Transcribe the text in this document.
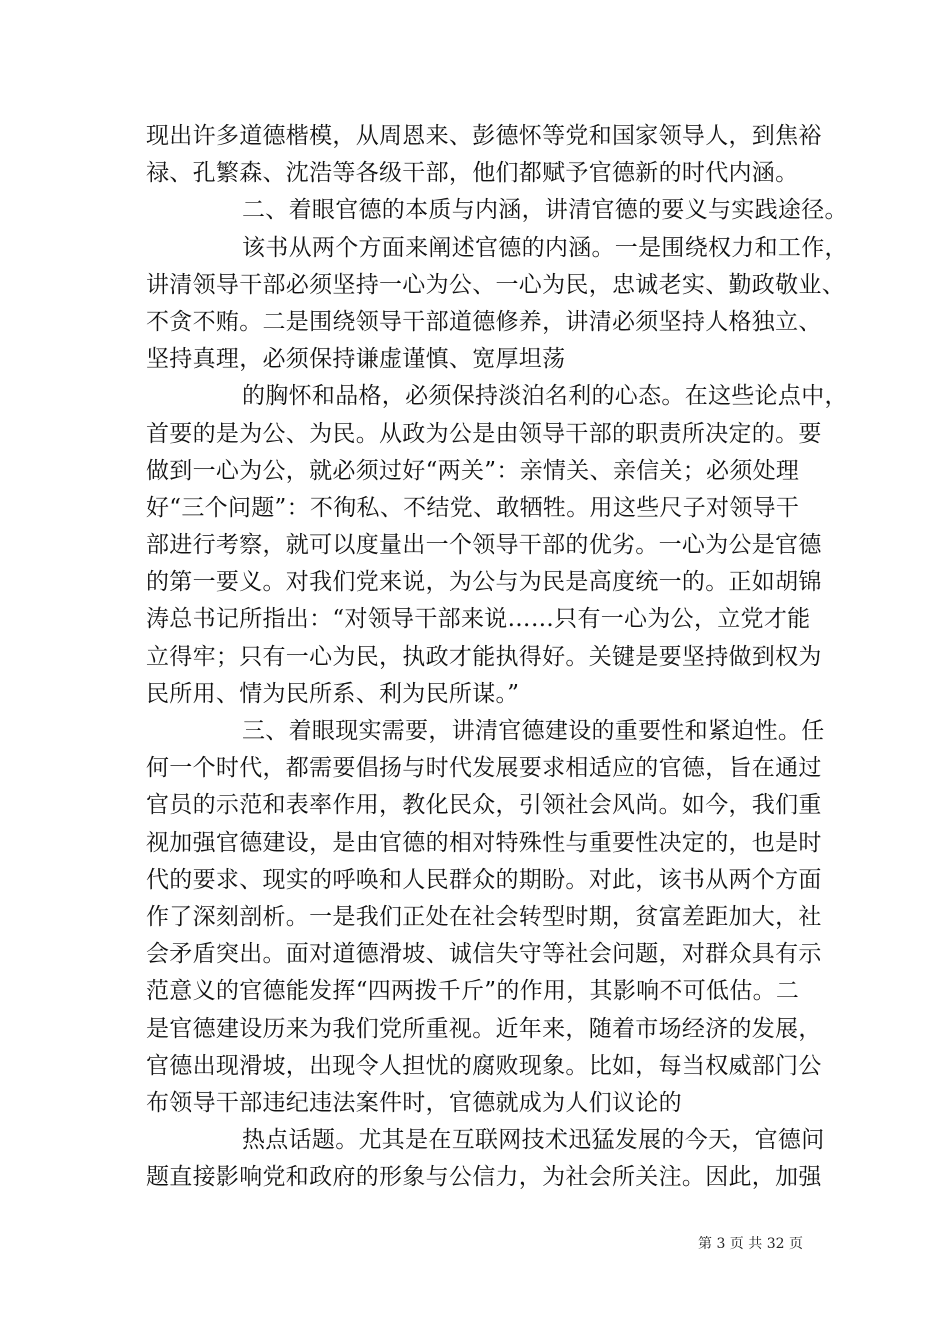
现出许多道德楷模，从周恩来、彭德怀等党和国家领导人，到焦裕
禄、孔繁森、沈浩等各级干部，他们都赋予官德新的时代内涵。
二、着眼官德的本质与内涵，讲清官德的要义与实践途径。
该书从两个方面来阐述官德的内涵。一是围绕权力和工作，
讲清领导干部必须坚持一心为公、一心为民，忠诚老实、勤政敬业、
不贪不贿。二是围绕领导干部道德修养，讲清必须坚持人格独立、
坚持真理，必须保持谦虚谨慎、宽厚坦荡
的胸怀和品格，必须保持淡泊名利的心态。在这些论点中，
首要的是为公、为民。从政为公是由领导干部的职责所决定的。要
做到一心为公，就必须过好“两关”：亲情关、亲信关；必须处理
好“三个问题”：不徇私、不结党、敢牺牲。用这些尺子对领导干
部进行考察，就可以度量出一个领导干部的优劣。一心为公是官德
的第一要义。对我们党来说，为公与为民是高度统一的。正如胡锦
涛总书记所指出：“对领导干部来说……只有一心为公，立党才能
立得牢；只有一心为民，执政才能执得好。关键是要坚持做到权为
民所用、情为民所系、利为民所谋。”
三、着眼现实需要，讲清官德建设的重要性和紧迫性。任
何一个时代，都需要倡扬与时代发展要求相适应的官德，旨在通过
官员的示范和表率作用，教化民众，引领社会风尚。如今，我们重
视加强官德建设，是由官德的相对特殊性与重要性决定的，也是时
代的要求、现实的呼唤和人民群众的期盼。对此，该书从两个方面
作了深刻剖析。一是我们正处在社会转型时期，贫富差距加大，社
会矛盾突出。面对道德滑坡、诚信失守等社会问题，对群众具有示
范意义的官德能发挥“四两拨千斤”的作用，其影响不可低估。二
是官德建设历来为我们党所重视。近年来，随着市场经济的发展，
官德出现滑坡，出现令人担忧的腐败现象。比如，每当权威部门公
布领导干部违纪违法案件时，官德就成为人们议论的
热点话题。尤其是在互联网技术迅猛发展的今天，官德问
题直接影响党和政府的形象与公信力，为社会所关注。因此，加强
第 3 页 共 32 页
